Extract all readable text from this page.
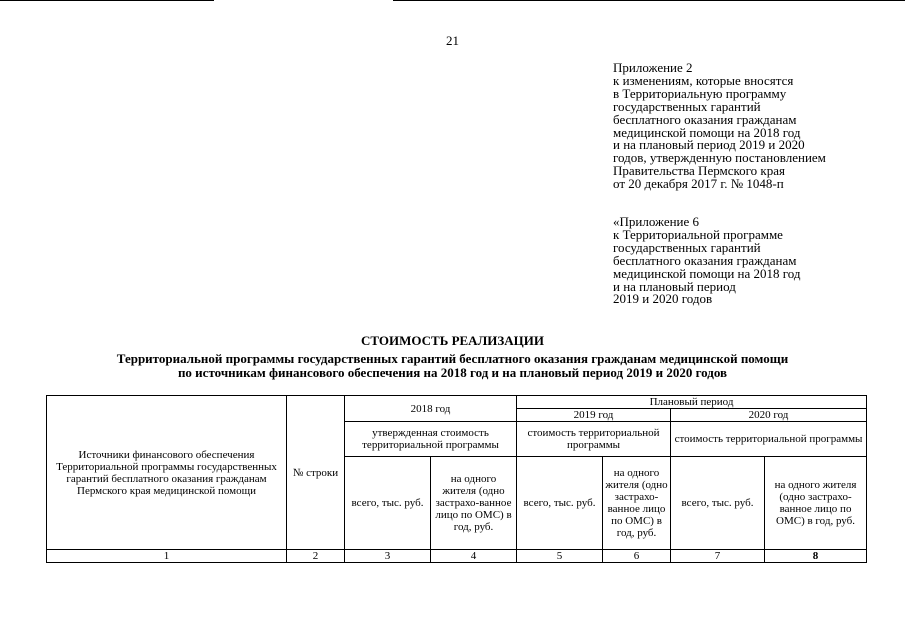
21
Приложение 2
к изменениям, которые вносятся
в Территориальную программу
государственных гарантий
бесплатного оказания гражданам
медицинской помощи на 2018 год
и на плановый период 2019 и 2020
годов, утвержденную постановлением
Правительства Пермского края
от 20 декабря 2017 г. № 1048-п
«Приложение 6
к Территориальной программе
государственных гарантий
бесплатного оказания гражданам
медицинской помощи на 2018 год
и на плановый период
2019 и 2020 годов
СТОИМОСТЬ РЕАЛИЗАЦИИ
Территориальной программы государственных гарантий бесплатного оказания гражданам медицинской помощи
по источникам финансового обеспечения на 2018 год и на плановый период 2019 и 2020 годов
Источники финансового обеспечения Территориальной программы государственных гарантий бесплатного оказания гражданам Пермского края медицинской помощи	№ строки	2018 год		Плановый период			
				2019 год		2020 год	
		утвержденная стоимость территориальной программы		стоимость территориальной программы		стоимость территориальной программы	
		всего, тыс. руб.	на одного жителя (одно застрахо-ванное лицо по ОМС) в год, руб.	всего, тыс. руб.	на одного жителя (одно застрахо-ванное лицо по ОМС) в год, руб.	всего, тыс. руб.	на одного жителя (одно застрахо-ванное лицо по ОМС) в год, руб.
1	2	3	4	5	6	7	8
